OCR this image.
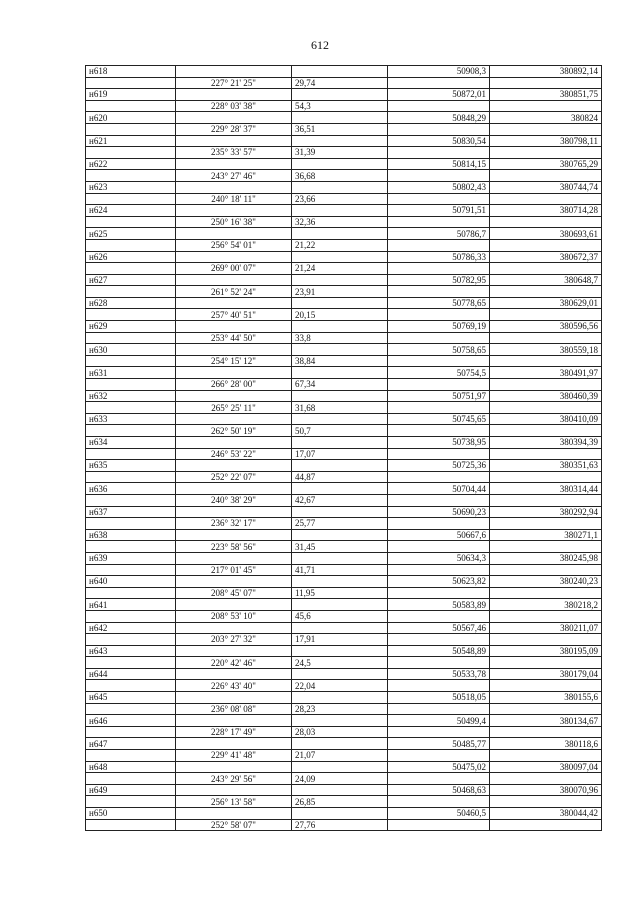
612
н618			50908,3	380892,14
	227° 21' 25"	29,74		
н619			50872,01	380851,75
	228° 03' 38"	54,3		
н620			50848,29	380824
	229° 28' 37"	36,51		
н621			50830,54	380798,11
	235° 33' 57"	31,39		
н622			50814,15	380765,29
	243° 27' 46"	36,68		
н623			50802,43	380744,74
	240° 18' 11"	23,66		
н624			50791,51	380714,28
	250° 16' 38"	32,36		
н625			50786,7	380693,61
	256° 54' 01"	21,22		
н626			50786,33	380672,37
	269° 00' 07"	21,24		
н627			50782,95	380648,7
	261° 52' 24"	23,91		
н628			50778,65	380629,01
	257° 40' 51"	20,15		
н629			50769,19	380596,56
	253° 44' 50"	33,8		
н630			50758,65	380559,18
	254° 15' 12"	38,84		
н631			50754,5	380491,97
	266° 28' 00"	67,34		
н632			50751,97	380460,39
	265° 25' 11"	31,68		
н633			50745,65	380410,09
	262° 50' 19"	50,7		
н634			50738,95	380394,39
	246° 53' 22"	17,07		
н635			50725,36	380351,63
	252° 22' 07"	44,87		
н636			50704,44	380314,44
	240° 38' 29"	42,67		
н637			50690,23	380292,94
	236° 32' 17"	25,77		
н638			50667,6	380271,1
	223° 58' 56"	31,45		
н639			50634,3	380245,98
	217° 01' 45"	41,71		
н640			50623,82	380240,23
	208° 45' 07"	11,95		
н641			50583,89	380218,2
	208° 53' 10"	45,6		
н642			50567,46	380211,07
	203° 27' 32"	17,91		
н643			50548,89	380195,09
	220° 42' 46"	24,5		
н644			50533,78	380179,04
	226° 43' 40"	22,04		
н645			50518,05	380155,6
	236° 08' 08"	28,23		
н646			50499,4	380134,67
	228° 17' 49"	28,03		
н647			50485,77	380118,6
	229° 41' 48"	21,07		
н648			50475,02	380097,04
	243° 29' 56"	24,09		
н649			50468,63	380070,96
	256° 13' 58"	26,85		
н650			50460,5	380044,42
	252° 58' 07"	27,76		
